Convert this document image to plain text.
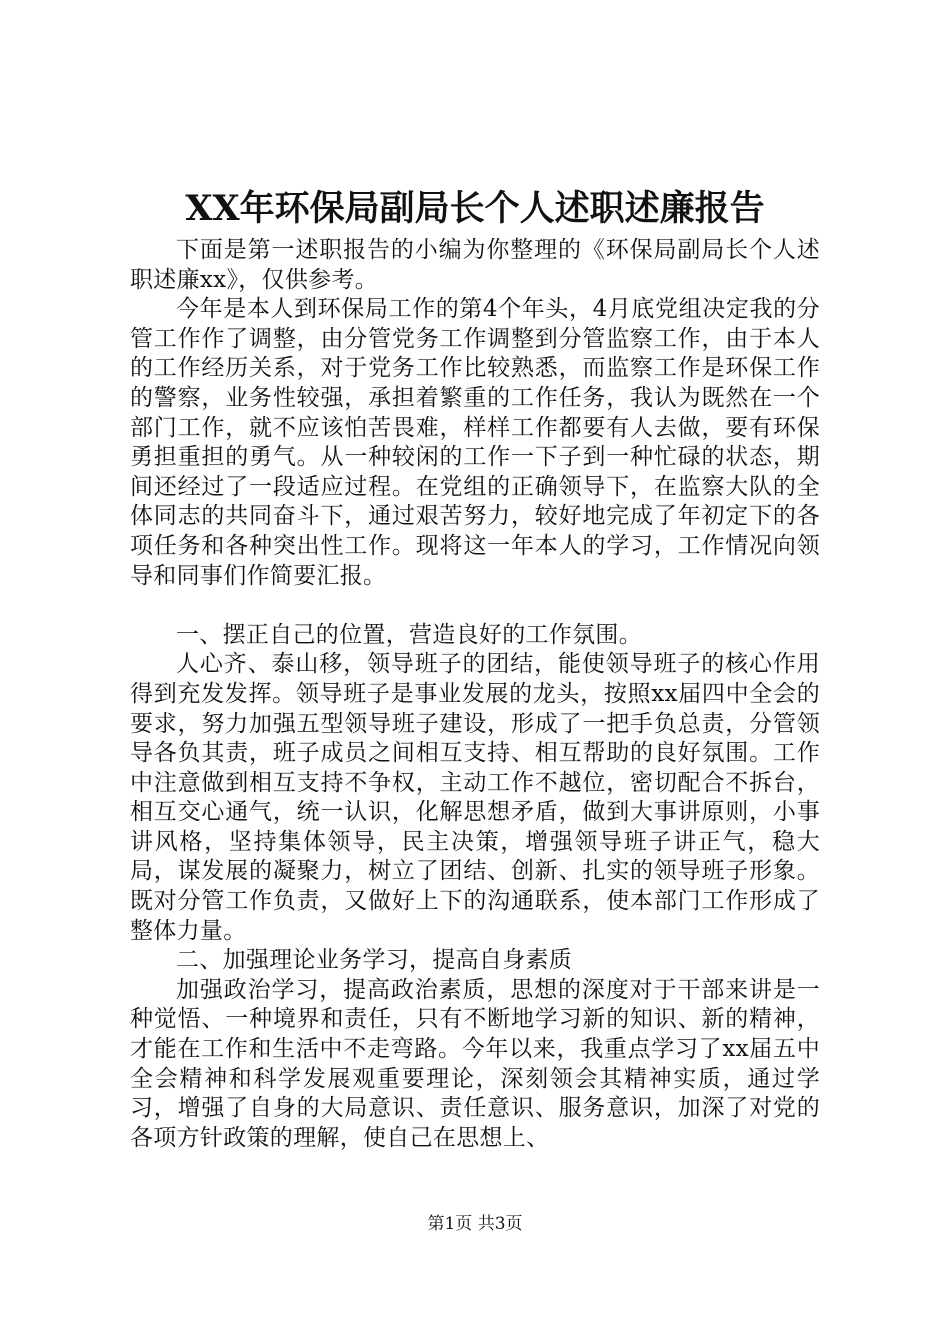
XX年环保局副局长个人述职述廉报告

下面是第一述职报告的小编为你整理的《环保局副局长个人述职述廉xx》，仅供参考。

今年是本人到环保局工作的第4个年头，4月底党组决定我的分管工作作了调整，由分管党务工作调整到分管监察工作，由于本人的工作经历关系，对于党务工作比较熟悉，而监察工作是环保工作的警察，业务性较强，承担着繁重的工作任务，我认为既然在一个部门工作，就不应该怕苦畏难，样样工作都要有人去做，要有环保勇担重担的勇气。从一种较闲的工作一下子到一种忙碌的状态，期间还经过了一段适应过程。在党组的正确领导下，在监察大队的全体同志的共同奋斗下，通过艰苦努力，较好地完成了年初定下的各项任务和各种突出性工作。现将这一年本人的学习，工作情况向领导和同事们作简要汇报。

一、摆正自己的位置，营造良好的工作氛围。

人心齐、泰山移，领导班子的团结，能使领导班子的核心作用得到充发发挥。领导班子是事业发展的龙头，按照xx届四中全会的要求，努力加强五型领导班子建设，形成了一把手负总责，分管领导各负其责，班子成员之间相互支持、相互帮助的良好氛围。工作中注意做到相互支持不争权，主动工作不越位，密切配合不拆台，相互交心通气，统一认识，化解思想矛盾，做到大事讲原则，小事讲风格，坚持集体领导，民主决策，增强领导班子讲正气，稳大局，谋发展的凝聚力，树立了团结、创新、扎实的领导班子形象。既对分管工作负责，又做好上下的沟通联系，使本部门工作形成了整体力量。

二、加强理论业务学习，提高自身素质

加强政治学习，提高政治素质，思想的深度对于干部来讲是一种觉悟、一种境界和责任，只有不断地学习新的知识、新的精神，才能在工作和生活中不走弯路。今年以来，我重点学习了xx届五中全会精神和科学发展观重要理论，深刻领会其精神实质，通过学习，增强了自身的大局意识、责任意识、服务意识，加深了对党的各项方针政策的理解，使自己在思想上、

第1页 共3页
